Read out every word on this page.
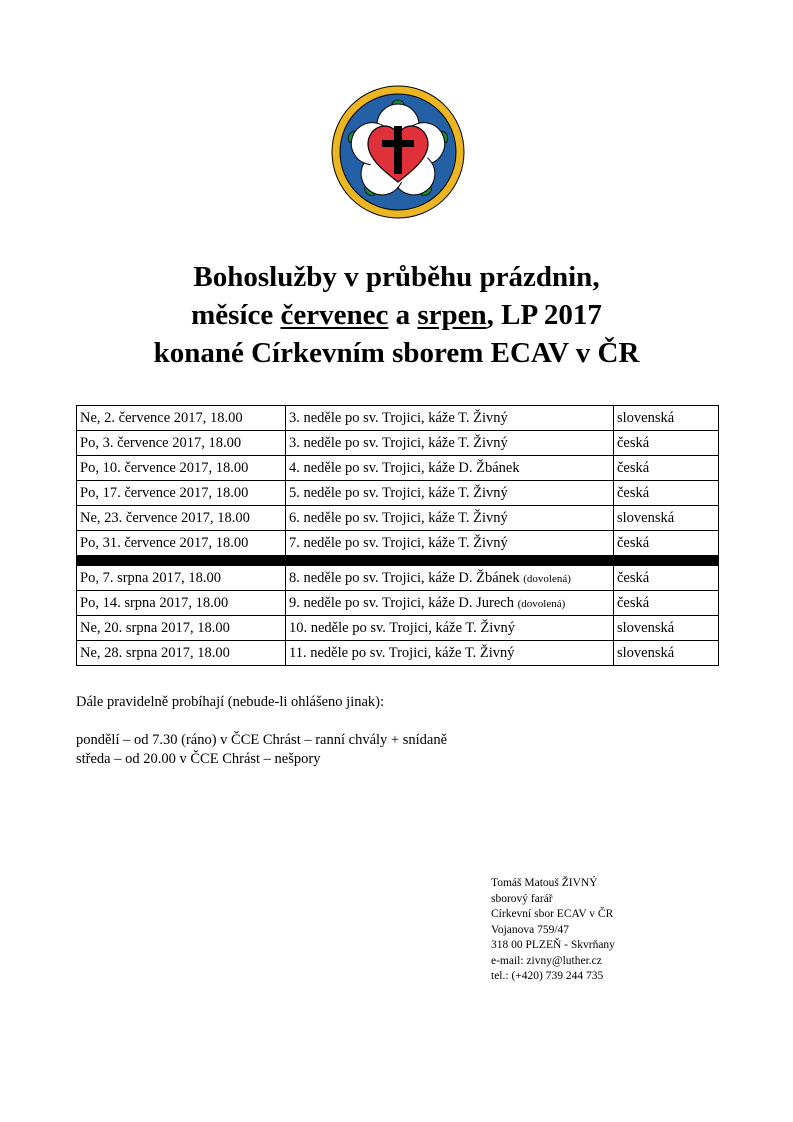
Bohoslužby v průběhu prázdnin,
měsíce červenec a srpen, LP 2017
konané Církevním sborem ECAV v ČR
Ne, 2. července 2017, 18.00	3. neděle po sv. Trojici, káže T. Živný	slovenská
Po, 3. července 2017, 18.00	3. neděle po sv. Trojici, káže T. Živný	česká
Po, 10. července 2017, 18.00	4. neděle po sv. Trojici, káže D. Žbánek	česká
Po, 17. července 2017, 18.00	5. neděle po sv. Trojici, káže T. Živný	česká
Ne, 23. července 2017, 18.00	6. neděle po sv. Trojici, káže T. Živný	slovenská
Po, 31. července 2017, 18.00	7. neděle po sv. Trojici, káže T. Živný	česká

Po, 7. srpna 2017, 18.00	8. neděle po sv. Trojici, káže D. Žbánek (dovolená)	česká
Po, 14. srpna 2017, 18.00	9. neděle po sv. Trojici, káže D. Jurech (dovolená)	česká
Ne, 20. srpna 2017, 18.00	10. neděle po sv. Trojici, káže T. Živný	slovenská
Ne, 28. srpna 2017, 18.00	11. neděle po sv. Trojici, káže T. Živný	slovenská

Dále pravidelně probíhají (nebude-li ohlášeno jinak):

pondělí – od 7.30 (ráno) v ČCE Chrást – ranní chvály + snídaně

středa – od 20.00 v ČCE Chrást – nešpory

Tomáš Matouš ŽIVNÝ
sborový farář
Církevní sbor ECAV v ČR
Vojanova 759/47
318 00 PLZEŇ - Skvrňany
e-mail: zivny@luther.cz
tel.: (+420) 739 244 735
